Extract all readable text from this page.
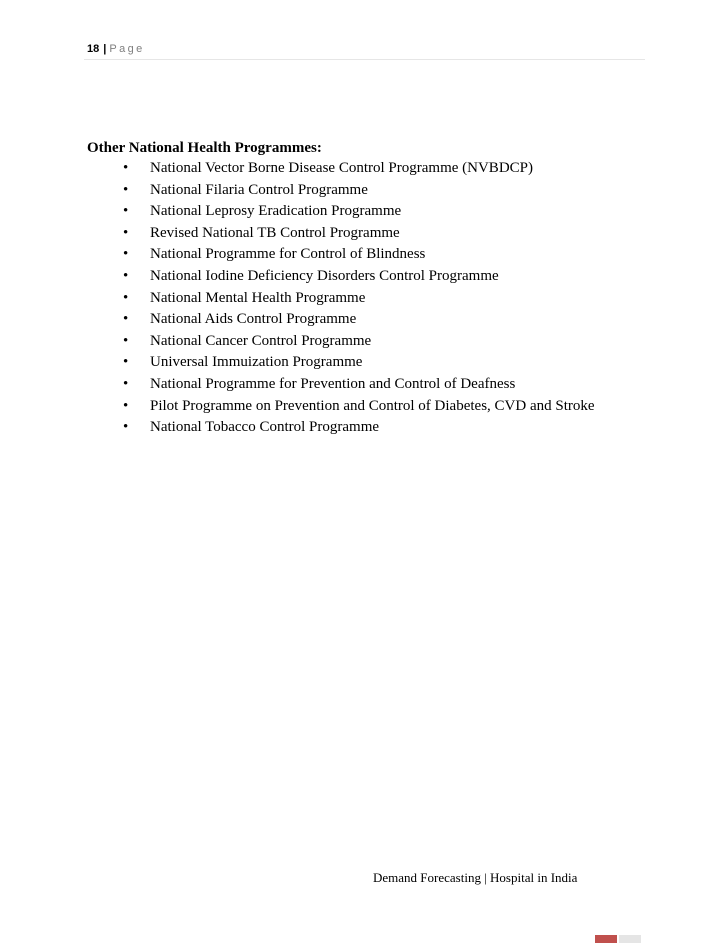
18 | Page
Other National Health Programmes:
• National Vector Borne Disease Control Programme (NVBDCP)
• National Filaria Control Programme
• National Leprosy Eradication Programme
• Revised National TB Control Programme
• National Programme for Control of Blindness
• National Iodine Deficiency Disorders Control Programme
• National Mental Health Programme
• National Aids Control Programme
• National Cancer Control Programme
• Universal Immuization Programme
• National Programme for Prevention and Control of Deafness
• Pilot Programme on Prevention and Control of Diabetes, CVD and Stroke
• National Tobacco Control Programme
Demand Forecasting | Hospital in India
